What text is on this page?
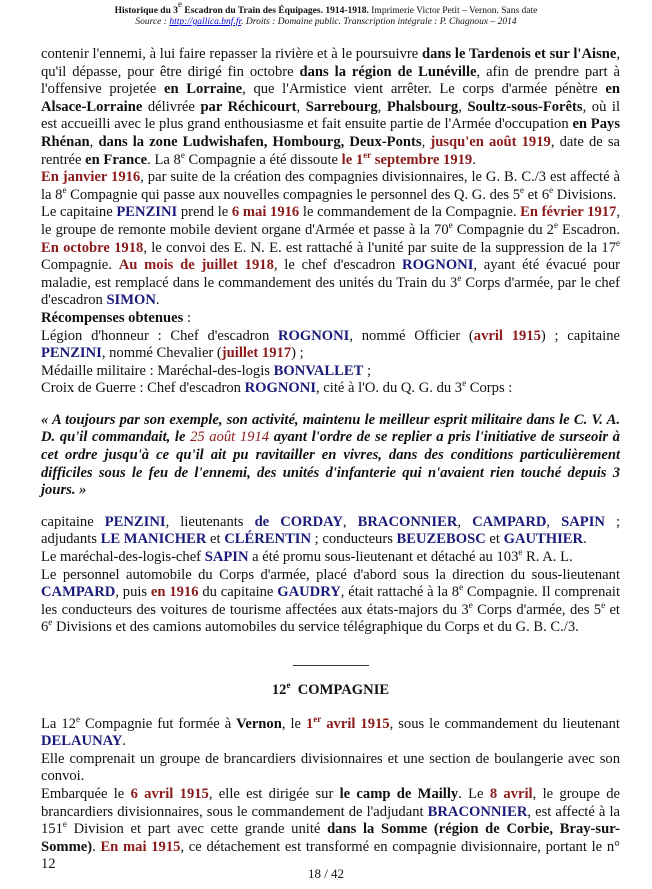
Historique du 3e Escadron du Train des Équipages. 1914-1918. Imprimerie Victor Petit – Vernon. Sans date
Source : http://gallica.bnf.fr. Droits : Domaine public. Transcription intégrale : P. Chagnoux – 2014

contenir l'ennemi, à lui faire repasser la rivière et à le poursuivre dans le Tardenois et sur l'Aisne, qu'il dépasse, pour être dirigé fin octobre dans la région de Lunéville, afin de prendre part à l'offensive projetée en Lorraine, que l'Armistice vient arrêter. Le corps d'armée pénètre en Alsace-Lorraine délivrée par Réchicourt, Sarrebourg, Phalsbourg, Soultz-sous-Forêts, où il est accueilli avec le plus grand enthousiasme et fait ensuite partie de l'Armée d'occupation en Pays Rhénan, dans la zone Ludwishafen, Hombourg, Deux-Ponts, jusqu'en août 1919, date de sa rentrée en France. La 8e Compagnie a été dissoute le 1er septembre 1919.

En janvier 1916, par suite de la création des compagnies divisionnaires, le G. B. C./3 est affecté à la 8e Compagnie qui passe aux nouvelles compagnies le personnel des Q. G. des 5e et 6e Divisions.

Le capitaine PENZINI prend le 6 mai 1916 le commandement de la Compagnie. En février 1917, le groupe de remonte mobile devient organe d'Armée et passe à la 70e Compagnie du 2e Escadron. En octobre 1918, le convoi des E. N. E. est rattaché à l'unité par suite de la suppression de la 17e Compagnie. Au mois de juillet 1918, le chef d'escadron ROGNONI, ayant été évacué pour maladie, est remplacé dans le commandement des unités du Train du 3e Corps d'armée, par le chef d'escadron SIMON.

Récompenses obtenues :

Légion d'honneur : Chef d'escadron ROGNONI, nommé Officier (avril 1915) ; capitaine PENZINI, nommé Chevalier (juillet 1917) ;

Médaille militaire : Maréchal-des-logis BONVALLET ;

Croix de Guerre : Chef d'escadron ROGNONI, cité à l'O. du Q. G. du 3e Corps :

« A toujours par son exemple, son activité, maintenu le meilleur esprit militaire dans le C. V. A. D. qu'il commandait, le 25 août 1914 ayant l'ordre de se replier a pris l'initiative de surseoir à cet ordre jusqu'à ce qu'il ait pu ravitailler en vivres, dans des conditions particulièrement difficiles sous le feu de l'ennemi, des unités d'infanterie qui n'avaient rien touché depuis 3 jours. »

capitaine PENZINI, lieutenants de CORDAY, BRACONNIER, CAMPARD, SAPIN ; adjudants LE MANICHER et CLÉRENTIN ; conducteurs BEUZEBOSC et GAUTHIER.

Le maréchal-des-logis-chef SAPIN a été promu sous-lieutenant et détaché au 103e R. A. L.

Le personnel automobile du Corps d'armée, placé d'abord sous la direction du sous-lieutenant CAMPARD, puis en 1916 du capitaine GAUDRY, était rattaché à la 8e Compagnie. Il comprenait les conducteurs des voitures de tourisme affectées aux états-majors du 3e Corps d'armée, des 5e et 6e Divisions et des camions automobiles du service télégraphique du Corps et du G. B. C./3.

12e COMPAGNIE

La 12e Compagnie fut formée à Vernon, le 1er avril 1915, sous le commandement du lieutenant DELAUNAY.

Elle comprenait un groupe de brancardiers divisionnaires et une section de boulangerie avec son convoi.

Embarquée le 6 avril 1915, elle est dirigée sur le camp de Mailly. Le 8 avril, le groupe de brancardiers divisionnaires, sous le commandement de l'adjudant BRACONNIER, est affecté à la 151e Division et part avec cette grande unité dans la Somme (région de Corbie, Bray-sur-Somme). En mai 1915, ce détachement est transformé en compagnie divisionnaire, portant le n° 12

18 / 42
